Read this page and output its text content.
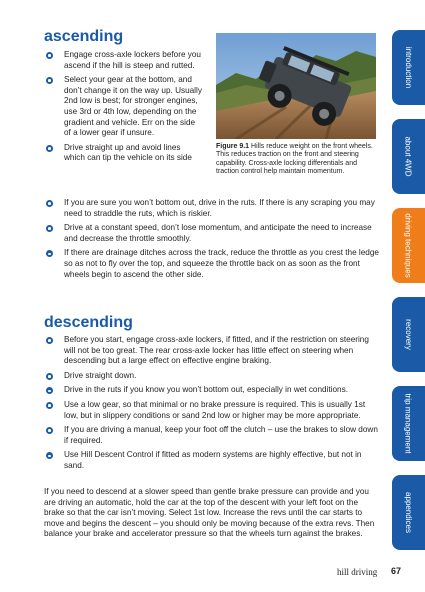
ascending
Engage cross-axle lockers before you ascend if the hill is steep and rutted.
Select your gear at the bottom, and don’t change it on the way up. Usually 2nd low is best; for stronger engines, use 3rd or 4th low, depending on the gradient and vehicle. Err on the side of a lower gear if unsure.
Drive straight up and avoid lines which can tip the vehicle on its side
Figure 9.1 Hills reduce weight on the front wheels. This reduces traction on the front and steering capability. Cross-axle locking differentials and traction control help maintain momentum.
If you are sure you won’t bottom out, drive in the ruts. If there is any scraping you may need to straddle the ruts, which is riskier.
Drive at a constant speed, don’t lose momentum, and anticipate the need to increase and decrease the throttle smoothly.
If there are drainage ditches across the track, reduce the throttle as you crest the ledge so as not to fly over the top, and squeeze the throttle back on as soon as the front wheels begin to ascend the other side.
descending
Before you start, engage cross-axle lockers, if fitted, and if the restriction on steering will not be too great. The rear cross-axle locker has little effect on steering when descending but a large effect on effective engine braking.
Drive straight down.
Drive in the ruts if you know you won’t bottom out, especially in wet conditions.
Use a low gear, so that minimal or no brake pressure is required. This is usually 1st low, but in slippery conditions or sand 2nd low or higher may be more appropriate.
If you are driving a manual, keep your foot off the clutch – use the brakes to slow down if required.
Use Hill Descent Control if fitted as modern systems are highly effective, but not in sand.

If you need to descend at a slower speed than gentle brake pressure can provide and you are driving an automatic, hold the car at the top of the descent with your left foot on the brake so that the car isn’t moving. Select 1st low. Increase the revs until the car starts to move and begins the descent – you should only be moving because of the extra revs. Then balance your brake and accelerator pressure so that the wheels turn against the brakes.

hill driving 67
introduction
about 4WD
driving techniques
recovery
trip management
appendices
